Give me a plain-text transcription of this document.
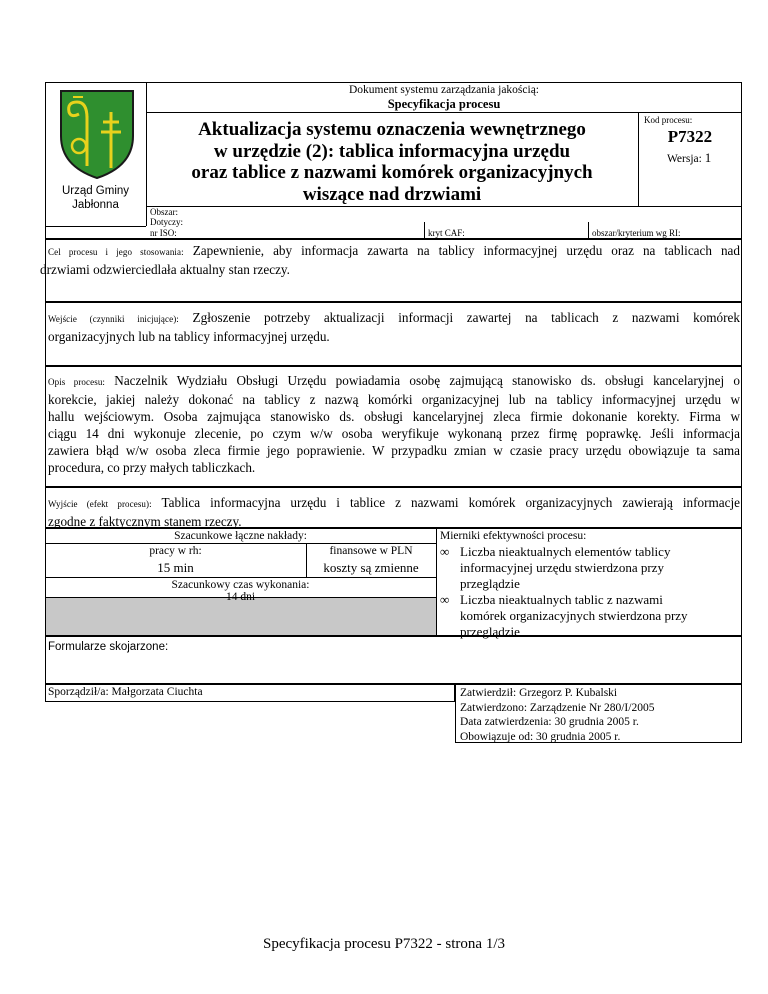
Urząd Gminy
Jabłonna
Dokument systemu zarządzania jakością:
Specyfikacja procesu
Aktualizacja systemu oznaczenia wewnętrznego
w urzędzie (2): tablica informacyjna urzędu
oraz tablice z nazwami komórek organizacyjnych
wiszące nad drzwiami
Kod procesu:
P7322
Wersja: 1
Obszar:
Dotyczy:
nr ISO:	kryt CAF:	obszar/kryterium wg RI:
Cel procesu i jego stosowania: Zapewnienie, aby informacja zawarta na tablicy informacyjnej urzędu oraz na tablicach nad
drzwiami odzwierciedlała aktualny stan rzeczy.
Wejście (czynniki inicjujące): Zgłoszenie potrzeby aktualizacji informacji zawartej na tablicach z nazwami komórek
organizacyjnych lub na tablicy informacyjnej urzędu.
Opis procesu: Naczelnik Wydziału Obsługi Urzędu powiadamia osobę zajmującą stanowisko ds. obsługi kancelaryjnej o
korekcie, jakiej należy dokonać na tablicy z nazwą komórki organizacyjnej lub na tablicy informacyjnej urzędu w
hallu wejściowym. Osoba zajmująca stanowisko ds. obsługi kancelaryjnej zleca firmie dokonanie korekty. Firma w
ciągu 14 dni wykonuje zlecenie, po czym w/w osoba weryfikuje wykonaną przez firmę poprawkę. Jeśli informacja
zawiera błąd w/w osoba zleca firmie jego poprawienie. W przypadku zmian w czasie pracy urzędu obowiązuje ta sama
procedura, co przy małych tabliczkach.
Wyjście (efekt procesu): Tablica informacyjna urzędu i tablice z nazwami komórek organizacyjnych zawierają informacje
zgodne z faktycznym stanem rzeczy.
Szacunkowe łączne nakłady:
pracy w rh:
15 min
finansowe w PLN
koszty są zmienne
Szacunkowy czas wykonania:
14 dni
Mierniki efektywności procesu:
∞ Liczba nieaktualnych elementów tablicy
informacyjnej urzędu stwierdzona przy
przeglądzie
∞ Liczba nieaktualnych tablic z nazwami
komórek organizacyjnych stwierdzona przy
przeglądzie
Formularze skojarzone:
Sporządził/a: Małgorzata Ciuchta	Zatwierdził: Grzegorz P. Kubalski
Zatwierdzono: Zarządzenie Nr 280/I/2005
Data zatwierdzenia: 30 grudnia 2005 r.
Obowiązuje od: 30 grudnia 2005 r.
Specyfikacja procesu P7322 - strona 1/3
